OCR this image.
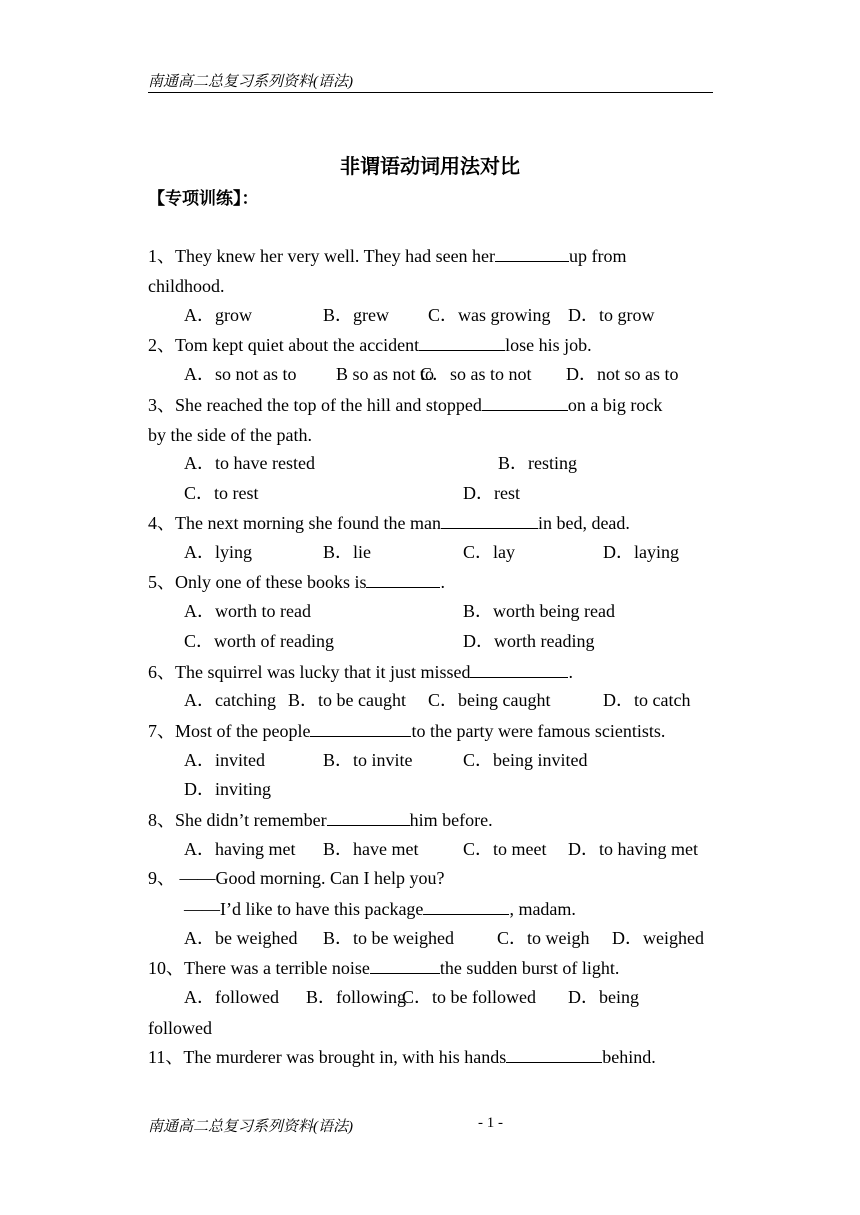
南通高二总复习系列资料(语法)
非谓语动词用法对比
【专项训练】：
1、They knew her very well. They had seen her	up from
childhood.
A．grow	B．grew C．was growing D．to grow
2、Tom kept quiet about the accident	lose his job.
A．so not as to B so as not to
C．so as to not D．not so as to
3、She reached the top of the hill and stopped	on a big rock
by the side of the path.
A．to have rested	B．resting
C．to rest	D．rest
4、The next morning she found the man	in bed, dead.
A．lying	B．lie	C．lay	D．laying
5、Only one of these books is	.
A．worth to read	B．worth being read
C．worth of reading	D．worth reading
6、The squirrel was lucky that it just missed	.
A．catching B．to be caught C．being caught	D．to catch
7、Most of the people	to the party were famous scientists.
A．invited	B．to invite	C．being invited
D．inviting
8、She didn’t remember	him before.
A．having met B．have met C．to meet D．to having met
9、 ——Good morning. Can I help you?
——I’d like to have this package	, madam.
A．be weighed B．to be weighed C．to weigh D．weighed
10、There was a terrible noise	the sudden burst of light.
A．followed B．following
C．to be followed D．being
followed
11、The murderer was brought in, with his hands	behind.
南通高二总复习系列资料(语法)	- 1 -
